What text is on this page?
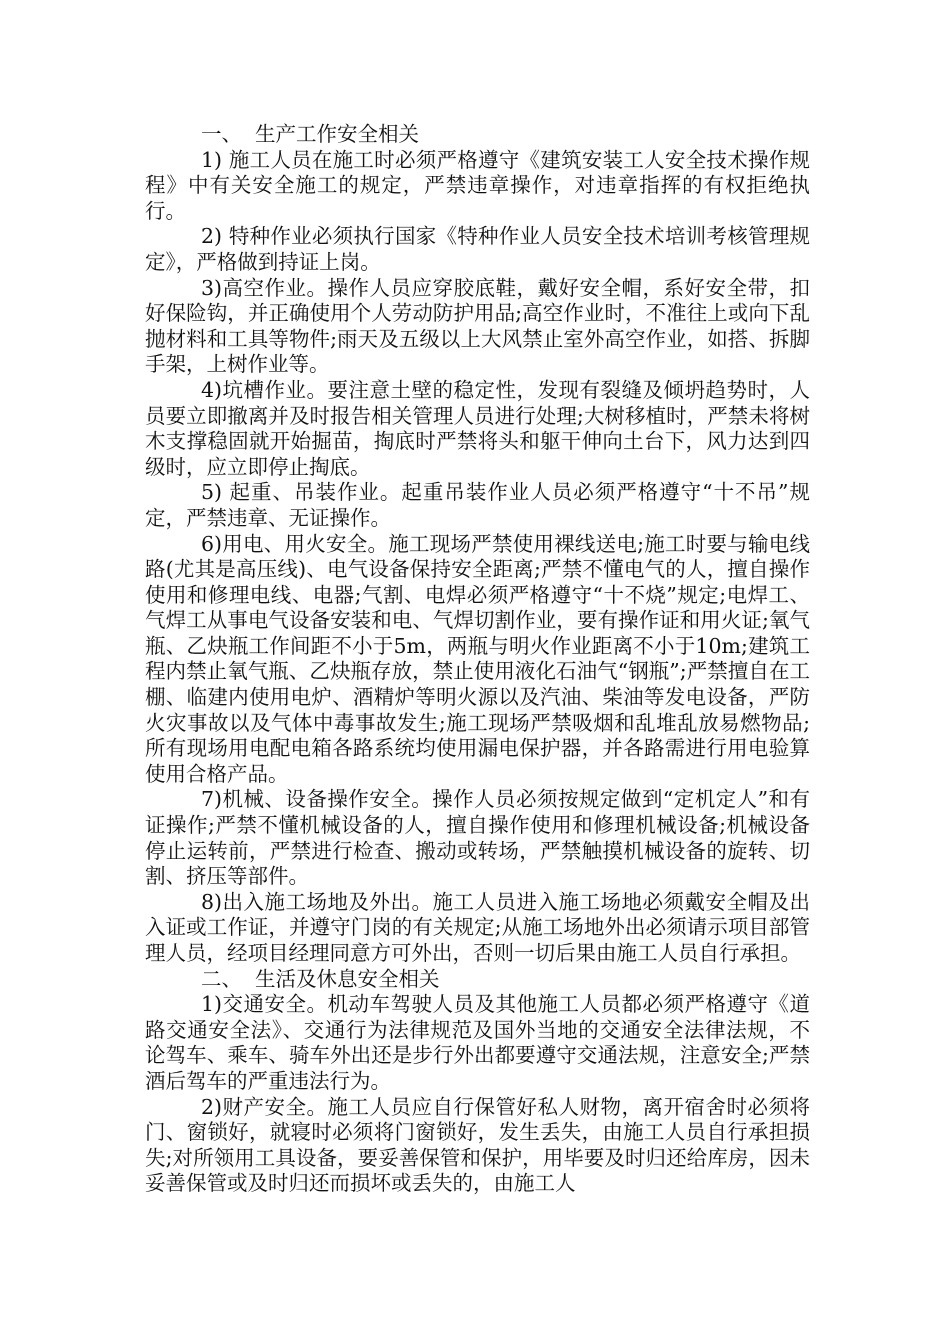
一、  生产工作安全相关

1) 施工人员在施工时必须严格遵守《建筑安装工人安全技术操作规程》中有关安全施工的规定，严禁违章操作，对违章指挥的有权拒绝执行。

2) 特种作业必须执行国家《特种作业人员安全技术培训考核管理规定》，严格做到持证上岗。

3)高空作业。操作人员应穿胶底鞋，戴好安全帽，系好安全带，扣好保险钩，并正确使用个人劳动防护用品;高空作业时，不准往上或向下乱抛材料和工具等物件;雨天及五级以上大风禁止室外高空作业，如搭、拆脚手架，上树作业等。

4)坑槽作业。要注意土壁的稳定性，发现有裂缝及倾坍趋势时，人员要立即撤离并及时报告相关管理人员进行处理;大树移植时，严禁未将树木支撑稳固就开始掘苗，掏底时严禁将头和躯干伸向土台下，风力达到四级时，应立即停止掏底。

5) 起重、吊装作业。起重吊装作业人员必须严格遵守“十不吊”规定，严禁违章、无证操作。

6)用电、用火安全。施工现场严禁使用裸线送电;施工时要与输电线路(尤其是高压线)、电气设备保持安全距离;严禁不懂电气的人，擅自操作使用和修理电线、电器;气割、电焊必须严格遵守“十不烧”规定;电焊工、气焊工从事电气设备安装和电、气焊切割作业，要有操作证和用火证;氧气瓶、乙炔瓶工作间距不小于5m，两瓶与明火作业距离不小于10m;建筑工程内禁止氧气瓶、乙炔瓶存放，禁止使用液化石油气“钢瓶”;严禁擅自在工棚、临建内使用电炉、酒精炉等明火源以及汽油、柴油等发电设备，严防火灾事故以及气体中毒事故发生;施工现场严禁吸烟和乱堆乱放易燃物品;所有现场用电配电箱各路系统均使用漏电保护器，并各路需进行用电验算使用合格产品。

7)机械、设备操作安全。操作人员必须按规定做到“定机定人”和有证操作;严禁不懂机械设备的人，擅自操作使用和修理机械设备;机械设备停止运转前，严禁进行检查、搬动或转场，严禁触摸机械设备的旋转、切割、挤压等部件。

8)出入施工场地及外出。施工人员进入施工场地必须戴安全帽及出入证或工作证，并遵守门岗的有关规定;从施工场地外出必须请示项目部管理人员，经项目经理同意方可外出，否则一切后果由施工人员自行承担。

二、  生活及休息安全相关

1)交通安全。机动车驾驶人员及其他施工人员都必须严格遵守《道路交通安全法》、交通行为法律规范及国外当地的交通安全法律法规，不论驾车、乘车、骑车外出还是步行外出都要遵守交通法规，注意安全;严禁酒后驾车的严重违法行为。

2)财产安全。施工人员应自行保管好私人财物，离开宿舍时必须将门、窗锁好，就寝时必须将门窗锁好，发生丢失，由施工人员自行承担损失;对所领用工具设备，要妥善保管和保护，用毕要及时归还给库房，因未妥善保管或及时归还而损坏或丢失的，由施工人
